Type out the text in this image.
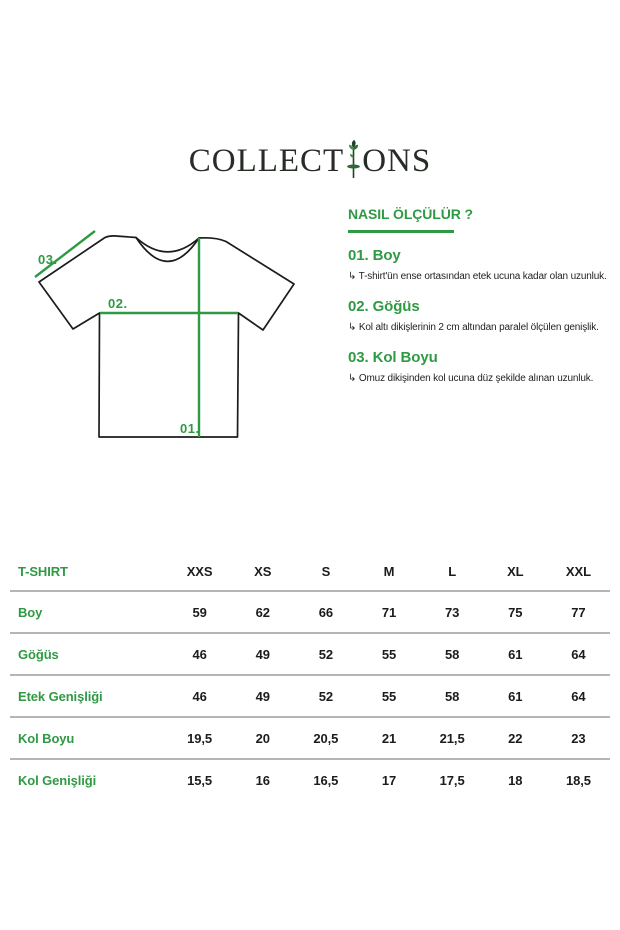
COLLECT ONS
03.
02.
01.
NASIL ÖLÇÜLÜR ?

01. Boy

↳ T-shirt'ün ense ortasından etek ucuna kadar olan uzunluk.

02. Göğüs

↳ Kol altı dikişlerinin 2 cm altından paralel ölçülen genişlik.

03. Kol Boyu

↳ Omuz dikişinden kol ucuna düz şekilde alınan uzunluk.

T-SHIRT	XXS	XS	S	M	L	XL	XXL
Boy	59	62	66	71	73	75	77
Göğüs	46	49	52	55	58	61	64
Etek Genişliği	46	49	52	55	58	61	64
Kol Boyu	19,5	20	20,5	21	21,5	22	23
Kol Genişliği	15,5	16	16,5	17	17,5	18	18,5
